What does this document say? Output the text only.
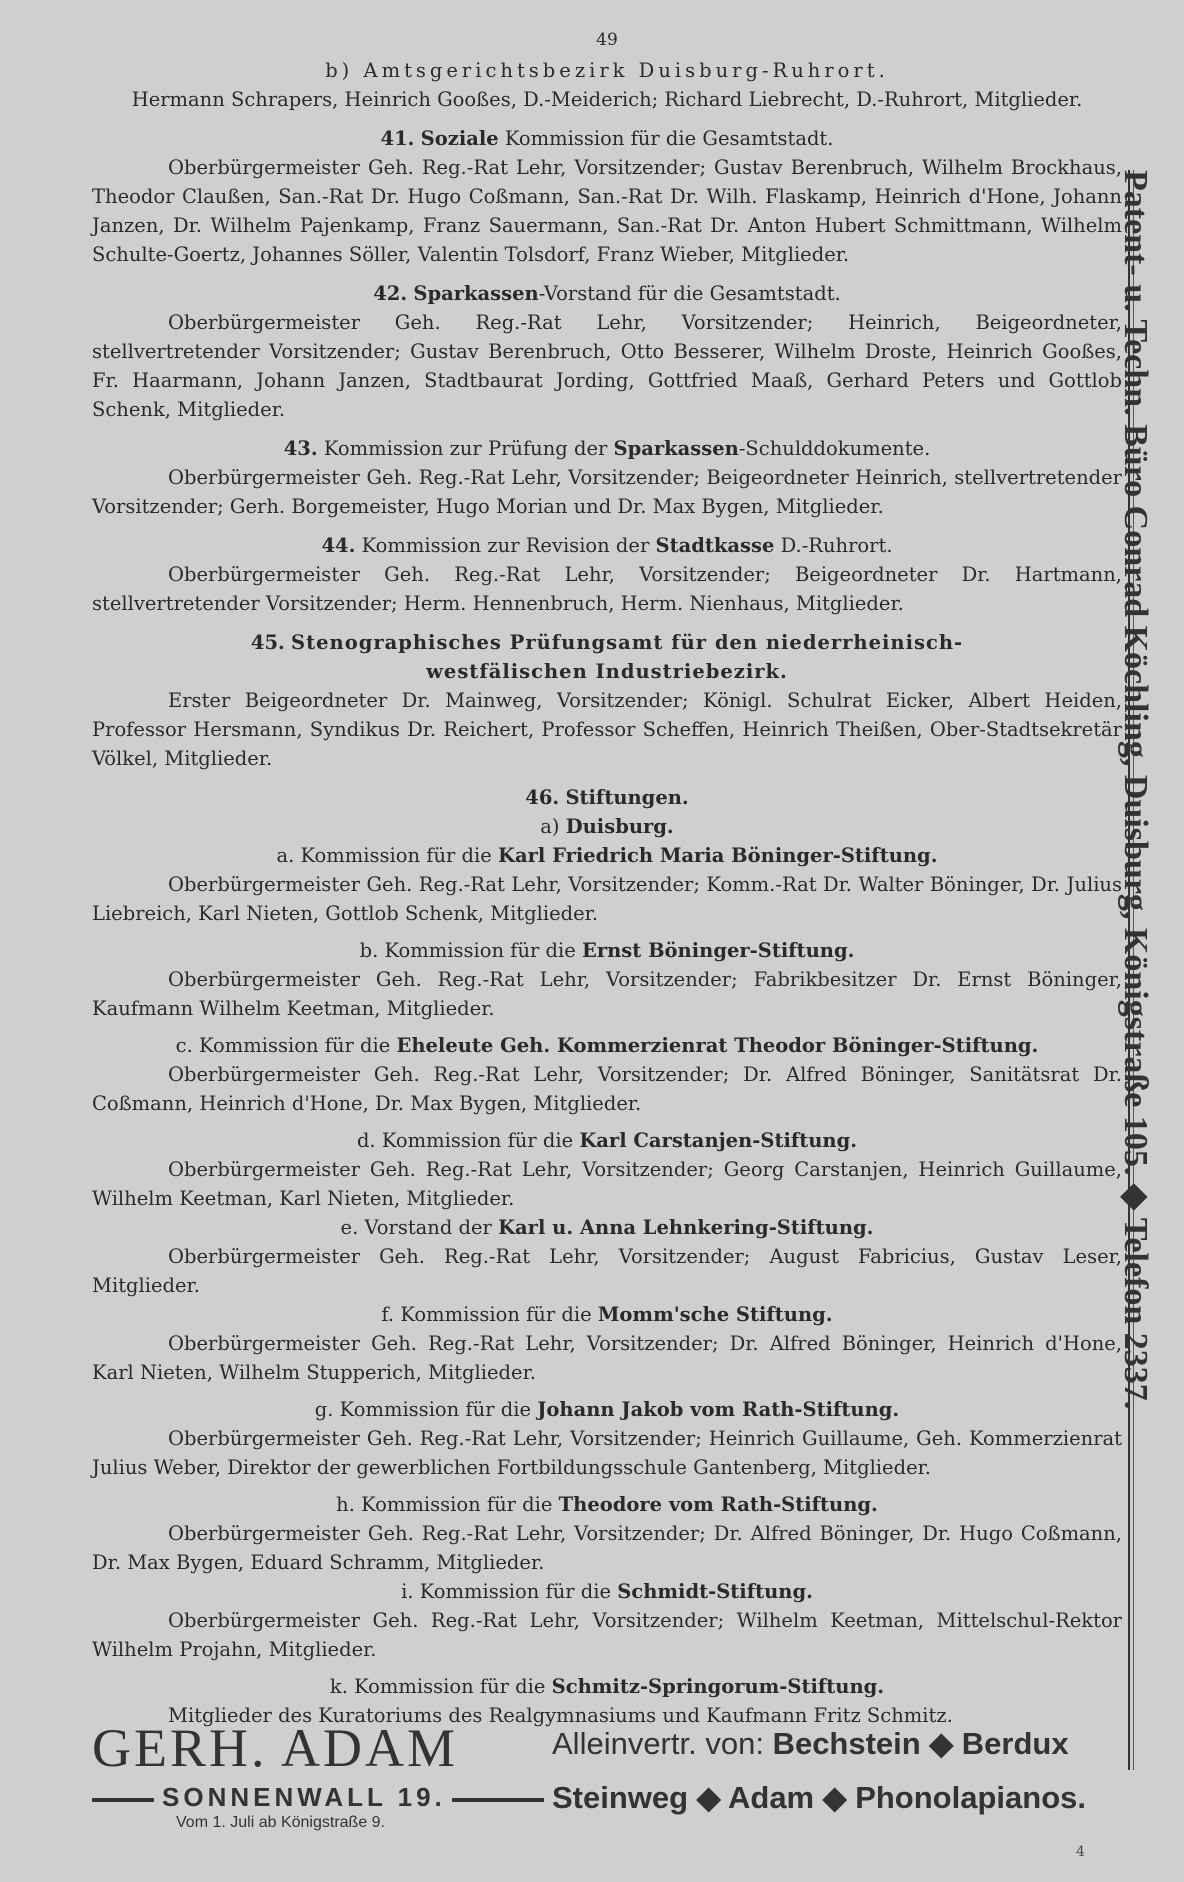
49
b) Amtsgerichtsbezirk Duisburg-Ruhrort.
Hermann Schrapers, Heinrich Gooßes, D.-Meiderich; Richard Liebrecht, D.-Ruhrort, Mitglieder.
41. Soziale Kommission für die Gesamtstadt.
Oberbürgermeister Geh. Reg.-Rat Lehr, Vorsitzender; Gustav Berenbruch, Wilhelm Brockhaus, Theodor Claußen, San.-Rat Dr. Hugo Coßmann, San.-Rat Dr. Wilh. Flaskamp, Heinrich d'Hone, Johann Janzen, Dr. Wilhelm Pajenkamp, Franz Sauermann, San.-Rat Dr. Anton Hubert Schmittmann, Wilhelm Schulte-Goertz, Johannes Söller, Valentin Tolsdorf, Franz Wieber, Mitglieder.
42. Sparkassen-Vorstand für die Gesamtstadt.
Oberbürgermeister Geh. Reg.-Rat Lehr, Vorsitzender; Heinrich, Beigeordneter, stellvertretender Vorsitzender; Gustav Berenbruch, Otto Besserer, Wilhelm Droste, Heinrich Gooßes, Fr. Haarmann, Johann Janzen, Stadtbaurat Jording, Gottfried Maaß, Gerhard Peters und Gottlob Schenk, Mitglieder.
43. Kommission zur Prüfung der Sparkassen-Schulddokumente.
Oberbürgermeister Geh. Reg.-Rat Lehr, Vorsitzender; Beigeordneter Heinrich, stellvertretender Vorsitzender; Gerh. Borgemeister, Hugo Morian und Dr. Max Bygen, Mitglieder.
44. Kommission zur Revision der Stadtkasse D.-Ruhrort.
Oberbürgermeister Geh. Reg.-Rat Lehr, Vorsitzender; Beigeordneter Dr. Hartmann, stellvertretender Vorsitzender; Herm. Hennenbruch, Herm. Nienhaus, Mitglieder.
45. Stenographisches Prüfungsamt für den niederrheinisch-westfälischen Industriebezirk.
Erster Beigeordneter Dr. Mainweg, Vorsitzender; Königl. Schulrat Eicker, Albert Heiden, Professor Hersmann, Syndikus Dr. Reichert, Professor Scheffen, Heinrich Theißen, Ober-Stadtsekretär Völkel, Mitglieder.
46. Stiftungen.
a) Duisburg.
a. Kommission für die Karl Friedrich Maria Böninger-Stiftung.
Oberbürgermeister Geh. Reg.-Rat Lehr, Vorsitzender; Komm.-Rat Dr. Walter Böninger, Dr. Julius Liebreich, Karl Nieten, Gottlob Schenk, Mitglieder.
b. Kommission für die Ernst Böninger-Stiftung.
Oberbürgermeister Geh. Reg.-Rat Lehr, Vorsitzender; Fabrikbesitzer Dr. Ernst Böninger, Kaufmann Wilhelm Keetman, Mitglieder.
c. Kommission für die Eheleute Geh. Kommerzienrat Theodor Böninger-Stiftung.
Oberbürgermeister Geh. Reg.-Rat Lehr, Vorsitzender; Dr. Alfred Böninger, Sanitätsrat Dr. Coßmann, Heinrich d'Hone, Dr. Max Bygen, Mitglieder.
d. Kommission für die Karl Carstanjen-Stiftung.
Oberbürgermeister Geh. Reg.-Rat Lehr, Vorsitzender; Georg Carstanjen, Heinrich Guillaume, Wilhelm Keetman, Karl Nieten, Mitglieder.
e. Vorstand der Karl u. Anna Lehnkering-Stiftung.
Oberbürgermeister Geh. Reg.-Rat Lehr, Vorsitzender; August Fabricius, Gustav Leser, Mitglieder.
f. Kommission für die Momm'sche Stiftung.
Oberbürgermeister Geh. Reg.-Rat Lehr, Vorsitzender; Dr. Alfred Böninger, Heinrich d'Hone, Karl Nieten, Wilhelm Stupperich, Mitglieder.
g. Kommission für die Johann Jakob vom Rath-Stiftung.
Oberbürgermeister Geh. Reg.-Rat Lehr, Vorsitzender; Heinrich Guillaume, Geh. Kommerzienrat Julius Weber, Direktor der gewerblichen Fortbildungsschule Gantenberg, Mitglieder.
h. Kommission für die Theodore vom Rath-Stiftung.
Oberbürgermeister Geh. Reg.-Rat Lehr, Vorsitzender; Dr. Alfred Böninger, Dr. Hugo Coßmann, Dr. Max Bygen, Eduard Schramm, Mitglieder.
i. Kommission für die Schmidt-Stiftung.
Oberbürgermeister Geh. Reg.-Rat Lehr, Vorsitzender; Wilhelm Keetman, Mittelschul-Rektor Wilhelm Projahn, Mitglieder.
k. Kommission für die Schmitz-Springorum-Stiftung.
Mitglieder des Kuratoriums des Realgymnasiums und Kaufmann Fritz Schmitz.
GERH. ADAM
SONNENWALL 19.
Vom 1. Juli ab Königstraße 9.
Alleinvertr. von: Bechstein ◆ Berdux
Steinweg ◆ Adam ◆ Phonolapianos.
Patent- u. Techn. Büro Conrad Köchling, Duisburg, Königstraße 105. ◆ Telefon 2337.
4
